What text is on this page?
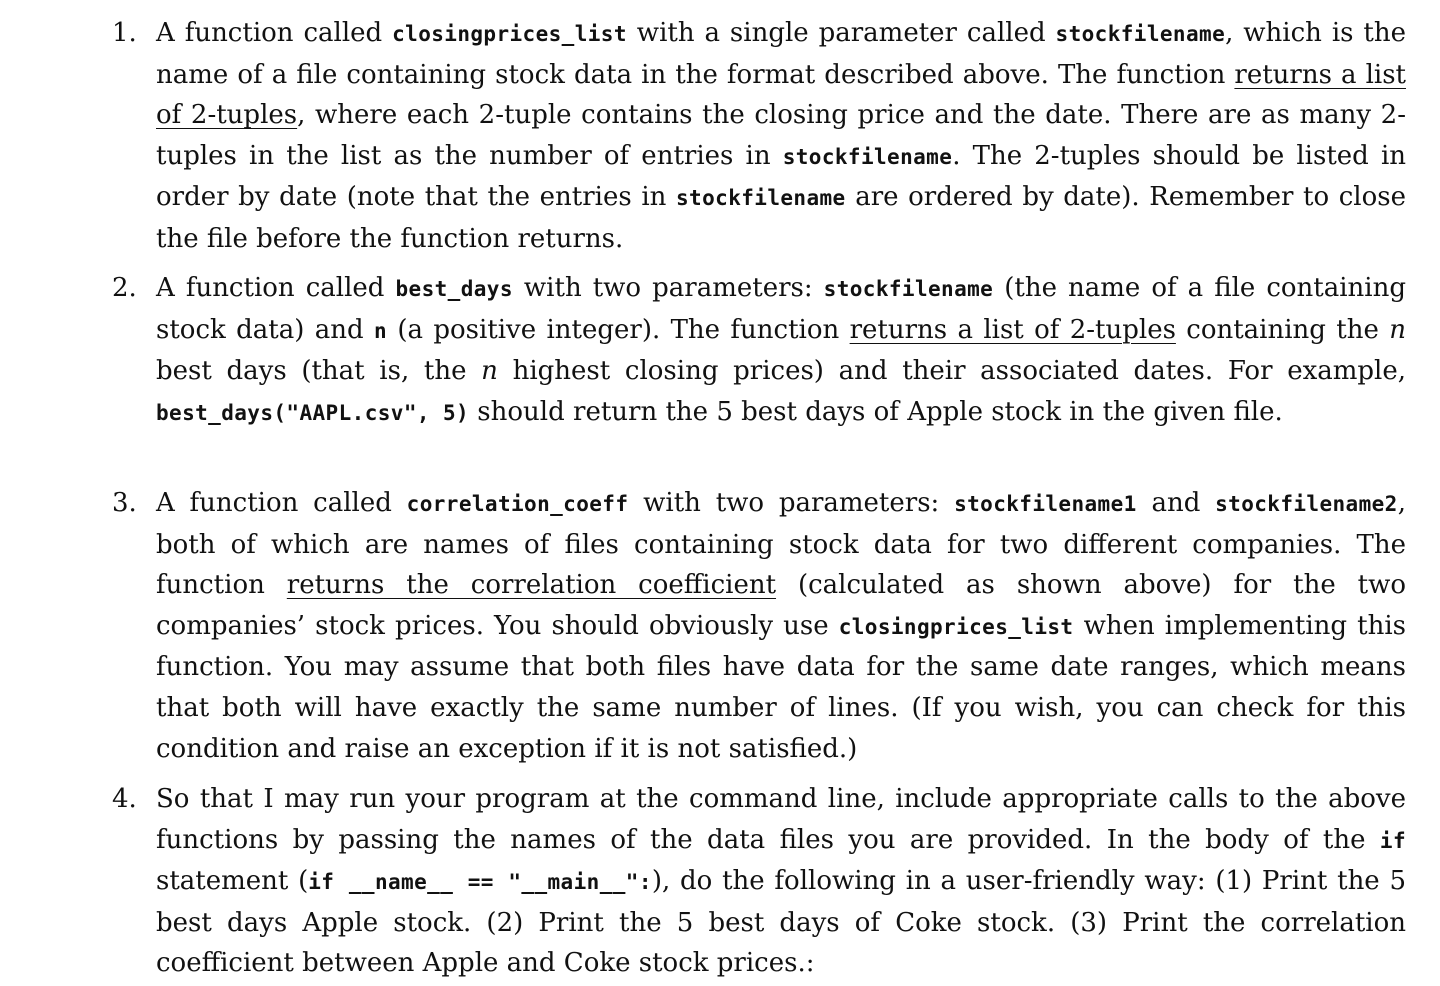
1. A function called closingprices_list with a single parameter called stockfilename, which is the name of a file containing stock data in the format described above. The function returns a list of 2-tuples, where each 2-tuple contains the closing price and the date. There are as many 2-tuples in the list as the number of entries in stockfilename. The 2-tuples should be listed in order by date (note that the entries in stockfilename are ordered by date). Remember to close the file before the function returns.
2. A function called best_days with two parameters: stockfilename (the name of a file containing stock data) and n (a positive integer). The function returns a list of 2-tuples containing the n best days (that is, the n highest closing prices) and their associated dates. For example, best_days("AAPL.csv", 5) should return the 5 best days of Apple stock in the given file.
3. A function called correlation_coeff with two parameters: stockfilename1 and stockfilename2, both of which are names of files containing stock data for two different companies. The function returns the correlation coefficient (calculated as shown above) for the two companies’ stock prices. You should obviously use closingprices_list when implementing this function. You may assume that both files have data for the same date ranges, which means that both will have exactly the same number of lines. (If you wish, you can check for this condition and raise an exception if it is not satisfied.)
4. So that I may run your program at the command line, include appropriate calls to the above functions by passing the names of the data files you are provided. In the body of the if statement (if __name__ == "__main__":), do the following in a user-friendly way: (1) Print the 5 best days Apple stock. (2) Print the 5 best days of Coke stock. (3) Print the correlation coefficient between Apple and Coke stock prices.:
